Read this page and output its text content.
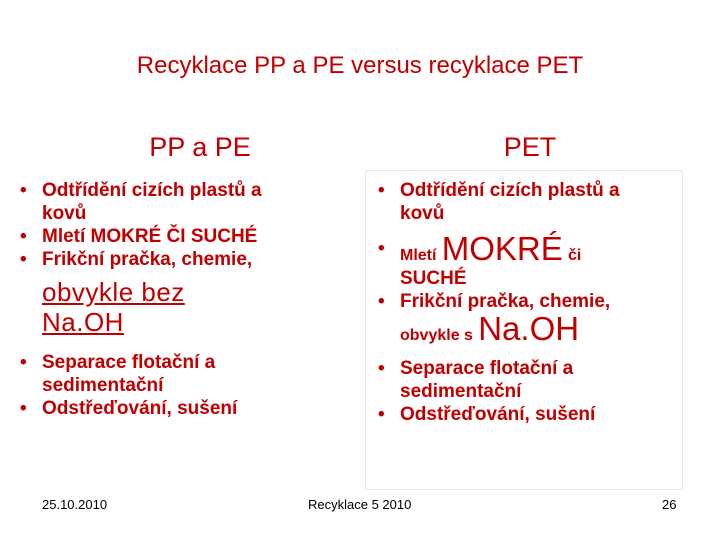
Recyklace PP a PE versus recyklace PET
PP a PE	PET
• Odtřídění cizích plastů a
kovů
• Mletí MOKRÉ ČI SUCHÉ
• Frikční pračka, chemie,
obvykle bez
Na.OH
• Separace flotační a
sedimentační
• Odstřeďování, sušení
• Odtřídění cizích plastů a
kovů
• Mletí MOKRÉ či
SUCHÉ
• Frikční pračka, chemie,
obvykle s Na.OH
• Separace flotační a
sedimentační
• Odstřeďování, sušení
25.10.2010	Recyklace 5 2010	26
